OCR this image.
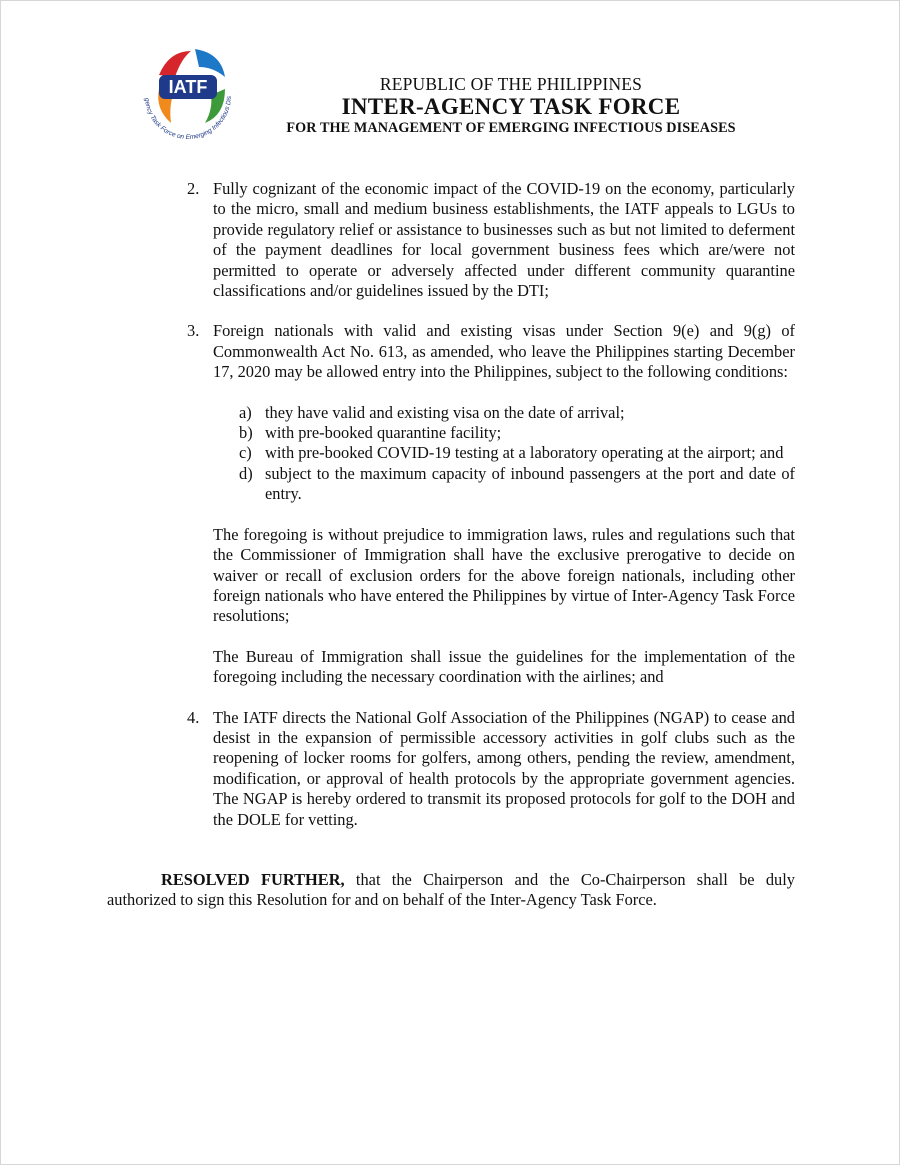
IATF
gency Task Force on Emerging Infectious Dis
REPUBLIC OF THE PHILIPPINES
INTER-AGENCY TASK FORCE
FOR THE MANAGEMENT OF EMERGING INFECTIOUS DISEASES
2. Fully cognizant of the economic impact of the COVID-19 on the economy, particularly to the micro, small and medium business establishments, the IATF appeals to LGUs to provide regulatory relief or assistance to businesses such as but not limited to deferment of the payment deadlines for local government business fees which are/were not permitted to operate or adversely affected under different community quarantine classifications and/or guidelines issued by the DTI;

3. Foreign nationals with valid and existing visas under Section 9(e) and 9(g) of Commonwealth Act No. 613, as amended, who leave the Philippines starting December 17, 2020 may be allowed entry into the Philippines, subject to the following conditions:

a) they have valid and existing visa on the date of arrival;
b) with pre-booked quarantine facility;
c) with pre-booked COVID-19 testing at a laboratory operating at the airport; and
d) subject to the maximum capacity of inbound passengers at the port and date of entry.

The foregoing is without prejudice to immigration laws, rules and regulations such that the Commissioner of Immigration shall have the exclusive prerogative to decide on waiver or recall of exclusion orders for the above foreign nationals, including other foreign nationals who have entered the Philippines by virtue of Inter-Agency Task Force resolutions;

The Bureau of Immigration shall issue the guidelines for the implementation of the foregoing including the necessary coordination with the airlines; and

4. The IATF directs the National Golf Association of the Philippines (NGAP) to cease and desist in the expansion of permissible accessory activities in golf clubs such as the reopening of locker rooms for golfers, among others, pending the review, amendment, modification, or approval of health protocols by the appropriate government agencies. The NGAP is hereby ordered to transmit its proposed protocols for golf to the DOH and the DOLE for vetting.

RESOLVED FURTHER, that the Chairperson and the Co-Chairperson shall be duly authorized to sign this Resolution for and on behalf of the Inter-Agency Task Force.
